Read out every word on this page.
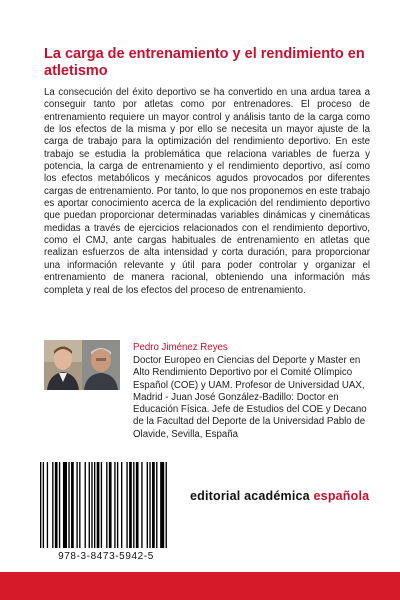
La carga de entrenamiento y el rendimiento en atletismo

La consecución del éxito deportivo se ha convertido en una ardua tarea a conseguir tanto por atletas como por entrenadores. El proceso de entrenamiento requiere un mayor control y análisis tanto de la carga como de los efectos de la misma y por ello se necesita un mayor ajuste de la carga de trabajo para la optimización del rendimiento deportivo. En este trabajo se estudia la problemática que relaciona variables de fuerza y potencia, la carga de entrenamiento y el rendimiento deportivo, así como los efectos metabólicos y mecánicos agudos provocados por diferentes cargas de entrenamiento. Por tanto, lo que nos proponemos en este trabajo es aportar conocimiento acerca de la explicación del rendimiento deportivo que puedan proporcionar determinadas variables dinámicas y cinemáticas medidas a través de ejercicios relacionados con el rendimiento deportivo, como el CMJ, ante cargas habituales de entrenamiento en atletas que realizan esfuerzos de alta intensidad y corta duración, para proporcionar una información relevante y útil para poder controlar y organizar el entrenamiento de manera racional, obteniendo una información más completa y real de los efectos del proceso de entrenamiento.

Pedro Jiménez Reyes

Doctor Europeo en Ciencias del Deporte y Master en Alto Rendimiento Deportivo por el Comité Olímpico Español (COE) y UAM. Profesor de Universidad UAX, Madrid - Juan José González-Badillo: Doctor en Educación Física. Jefe de Estudios del COE y Decano de la Facultad del Deporte de la Universidad Pablo de Olavide, Sevilla, España

978-3-8473-5942-5
editorial académica española
